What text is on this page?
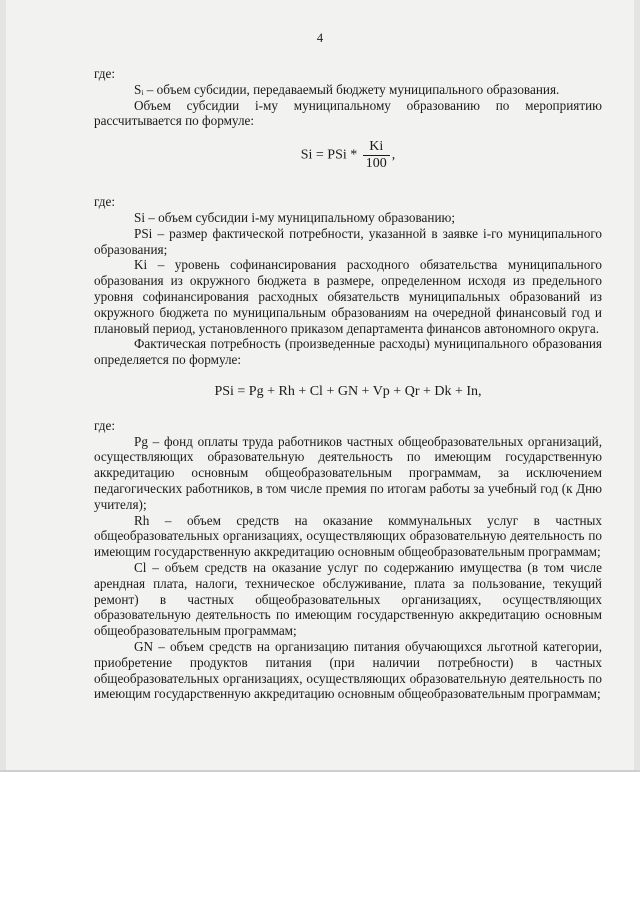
4

где:

Sᵢ – объем субсидии, передаваемый бюджету муниципального образования.

Объем субсидии i-му муниципальному образованию по мероприятию рассчитывается по формуле:

Si = PSi * $\frac{Ki}{100}$ ,

где:

Si – объем субсидии i-му муниципальному образованию;

PSi – размер фактической потребности, указанной в заявке i-го муниципального образования;

Ki – уровень софинансирования расходного обязательства муниципального образования из окружного бюджета в размере, определенном исходя из предельного уровня софинансирования расходных обязательств муниципальных образований из окружного бюджета по муниципальным образованиям на очередной финансовый год и плановый период, установленного приказом департамента финансов автономного округа.

Фактическая потребность (произведенные расходы) муниципального образования определяется по формуле:

PSi = Pg + Rh + Cl + GN + Vp + Qr + Dk + In,

где:

Pg – фонд оплаты труда работников частных общеобразовательных организаций, осуществляющих образовательную деятельность по имеющим государственную аккредитацию основным общеобразовательным программам, за исключением педагогических работников, в том числе премия по итогам работы за учебный год (к Дню учителя);

Rh – объем средств на оказание коммунальных услуг в частных общеобразовательных организациях, осуществляющих образовательную деятельность по имеющим государственную аккредитацию основным общеобразовательным программам;

Cl – объем средств на оказание услуг по содержанию имущества (в том числе арендная плата, налоги, техническое обслуживание, плата за пользование, текущий ремонт) в частных общеобразовательных организациях, осуществляющих образовательную деятельность по имеющим государственную аккредитацию основным общеобразовательным программам;

GN – объем средств на организацию питания обучающихся льготной категории, приобретение продуктов питания (при наличии потребности) в частных общеобразовательных организациях, осуществляющих образовательную деятельность по имеющим государственную аккредитацию основным общеобразовательным программам;
